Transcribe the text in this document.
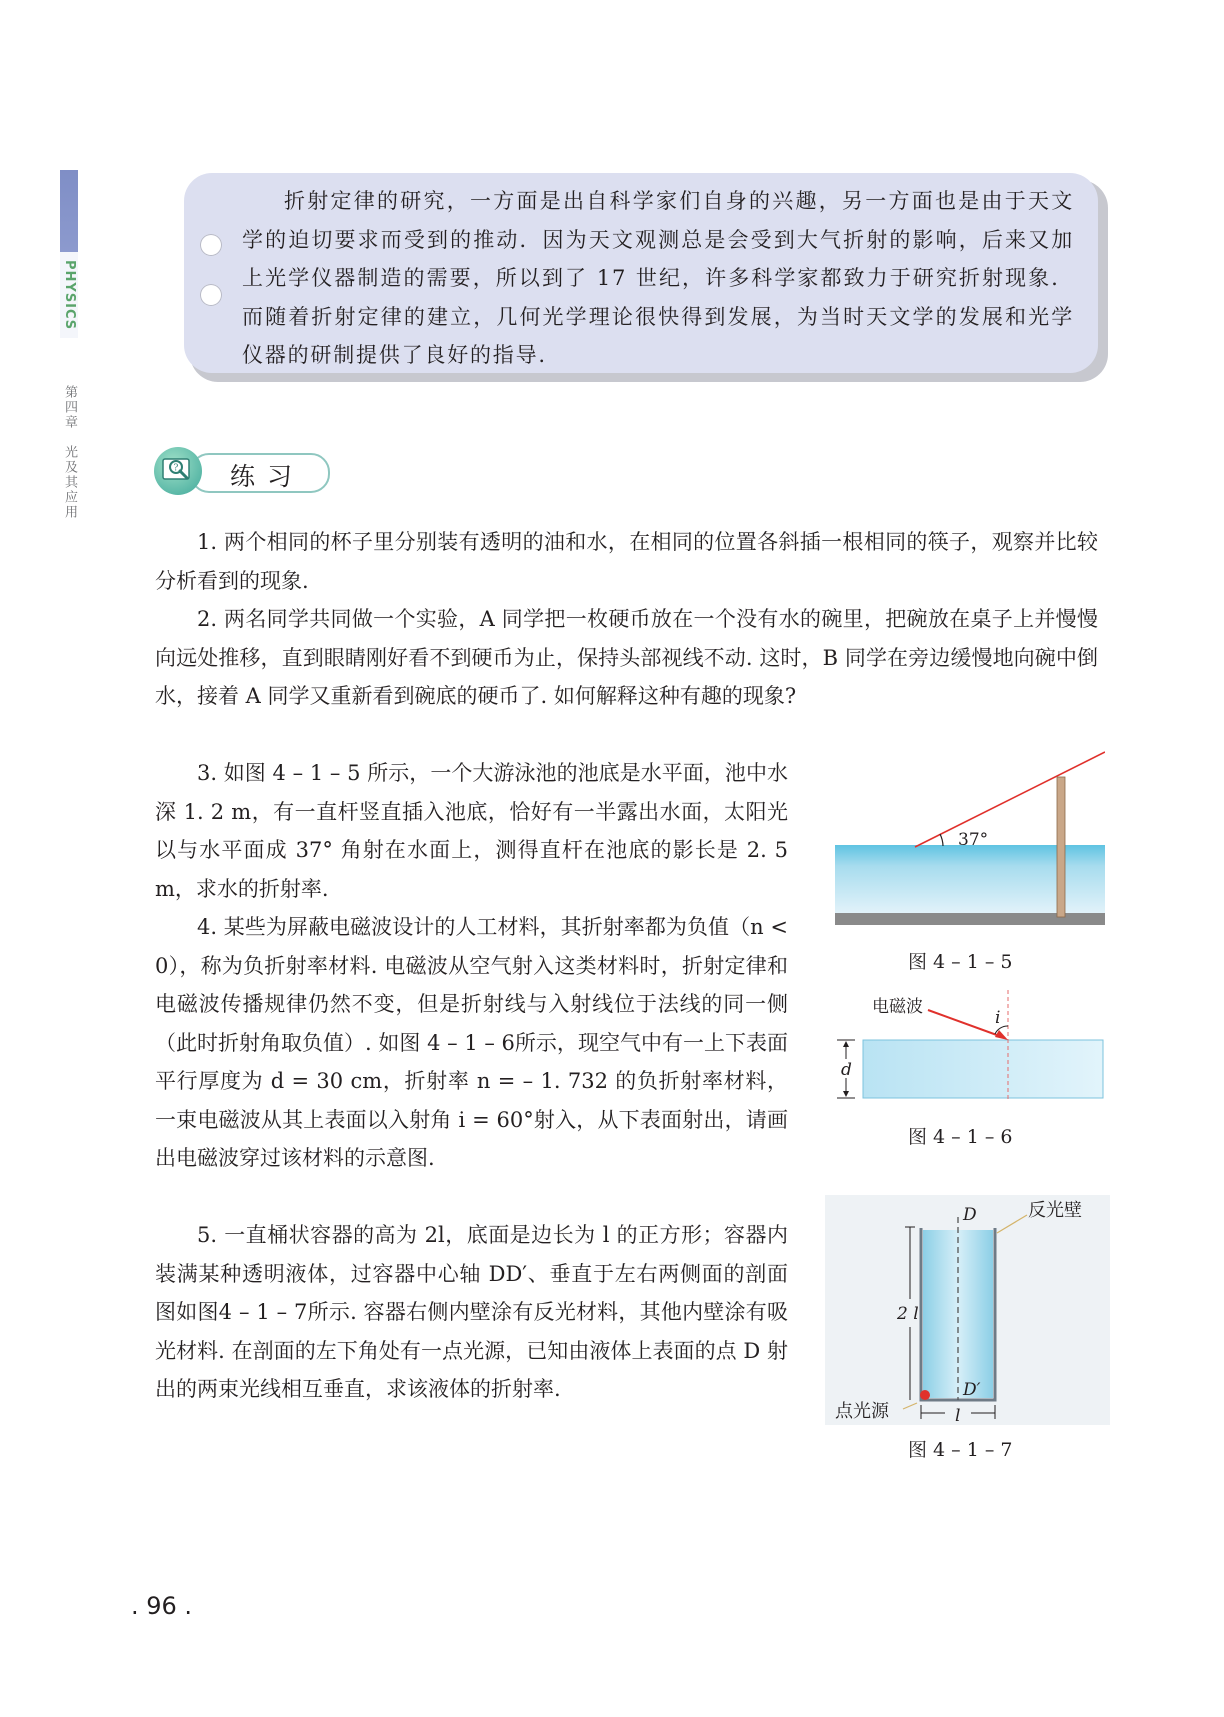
PHYSICS
第四章　光及其应用

折射定律的研究，一方面是出自科学家们自身的兴趣，另一方面也是由于天文学的迫切要求而受到的推动．因为天文观测总是会受到大气折射的影响，后来又加上光学仪器制造的需要，所以到了 17 世纪，许多科学家都致力于研究折射现象．而随着折射定律的建立，几何光学理论很快得到发展，为当时天文学的发展和光学仪器的研制提供了良好的指导.

? 练习

1. 两个相同的杯子里分别装有透明的油和水，在相同的位置各斜插一根相同的筷子，观察并比较分析看到的现象.

2. 两名同学共同做一个实验，A 同学把一枚硬币放在一个没有水的碗里，把碗放在桌子上并慢慢向远处推移，直到眼睛刚好看不到硬币为止，保持头部视线不动. 这时，B 同学在旁边缓慢地向碗中倒水，接着 A 同学又重新看到碗底的硬币了. 如何解释这种有趣的现象?

3. 如图 4 – 1 – 5 所示，一个大游泳池的池底是水平面，池中水深 1. 2 m，有一直杆竖直插入池底，恰好有一半露出水面，太阳光以与水平面成 37° 角射在水面上，测得直杆在池底的影长是 2. 5 m，求水的折射率.

4. 某些为屏蔽电磁波设计的人工材料，其折射率都为负值（n < 0），称为负折射率材料. 电磁波从空气射入这类材料时，折射定律和电磁波传播规律仍然不变，但是折射线与入射线位于法线的同一侧（此时折射角取负值）. 如图 4 – 1 – 6所示，现空气中有一上下表面平行厚度为 d = 30 cm，折射率 n = – 1. 732 的负折射率材料，一束电磁波从其上表面以入射角 i = 60°射入，从下表面射出，请画出电磁波穿过该材料的示意图.

5. 一直桶状容器的高为 2l，底面是边长为 l 的正方形；容器内装满某种透明液体，过容器中心轴 DD′、垂直于左右两侧面的剖面图如图4 – 1 – 7所示. 容器右侧内壁涂有反光材料，其他内壁涂有吸光材料. 在剖面的左下角处有一点光源，已知由液体上表面的点 D 射出的两束光线相互垂直，求该液体的折射率.

37°
图 4 – 1 – 5
i
电磁波
d
图 4 – 1 – 6
D
D′
反光壁
2 l
l
点光源
图 4 – 1 – 7
. 96 .
